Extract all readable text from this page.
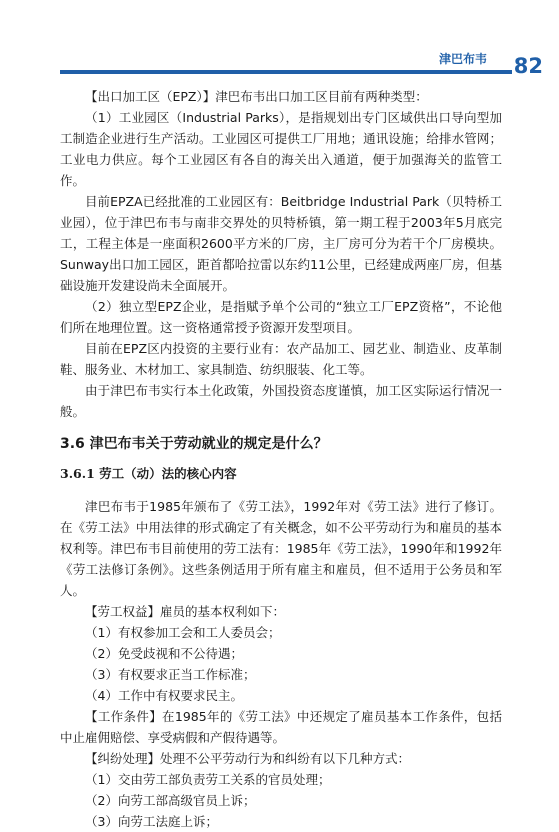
津巴布韦 82

【出口加工区（EPZ）】津巴布韦出口加工区目前有两种类型：

（1）工业园区（Industrial Parks），是指规划出专门区域供出口导向型加工制造企业进行生产活动。工业园区可提供工厂用地；通讯设施；给排水管网；工业电力供应。每个工业园区有各自的海关出入通道，便于加强海关的监管工作。

目前EPZA已经批准的工业园区有：Beitbridge Industrial Park（贝特桥工业园），位于津巴布韦与南非交界处的贝特桥镇，第一期工程于2003年5月底完工，工程主体是一座面积2600平方米的厂房，主厂房可分为若干个厂房模块。Sunway出口加工园区，距首都哈拉雷以东约11公里，已经建成两座厂房，但基础设施开发建设尚未全面展开。

（2）独立型EPZ企业，是指赋予单个公司的“独立工厂EPZ资格”，不论他们所在地理位置。这一资格通常授予资源开发型项目。

目前在EPZ区内投资的主要行业有：农产品加工、园艺业、制造业、皮革制鞋、服务业、木材加工、家具制造、纺织服装、化工等。

由于津巴布韦实行本土化政策，外国投资态度谨慎，加工区实际运行情况一般。

3.6 津巴布韦关于劳动就业的规定是什么？
3.6.1 劳工（动）法的核心内容

津巴布韦于1985年颁布了《劳工法》，1992年对《劳工法》进行了修订。在《劳工法》中用法律的形式确定了有关概念，如不公平劳动行为和雇员的基本权利等。津巴布韦目前使用的劳工法有：1985年《劳工法》，1990年和1992年《劳工法修订条例》。这些条例适用于所有雇主和雇员，但不适用于公务员和军人。

【劳工权益】雇员的基本权利如下：

（1）有权参加工会和工人委员会；

（2）免受歧视和不公待遇；

（3）有权要求正当工作标准；

（4）工作中有权要求民主。

【工作条件】在1985年的《劳工法》中还规定了雇员基本工作条件，包括中止雇佣赔偿、享受病假和产假待遇等。

【纠纷处理】处理不公平劳动行为和纠纷有以下几种方式：

（1）交由劳工部负责劳工关系的官员处理；

（2）向劳工部高级官员上诉；

（3）向劳工法庭上诉；
